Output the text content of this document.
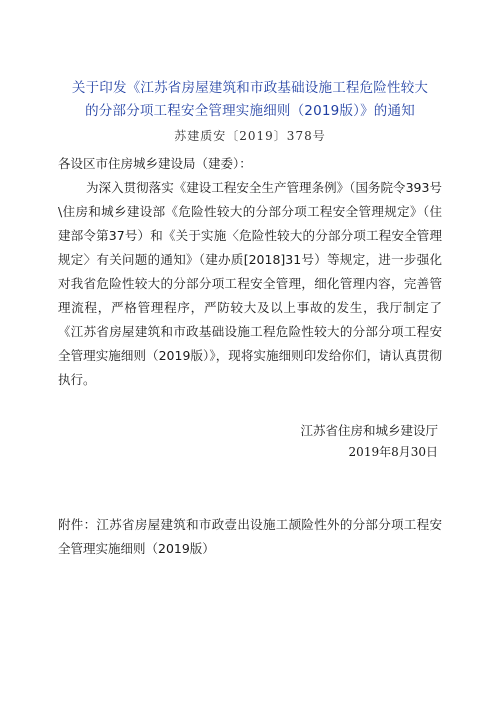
关于印发《江苏省房屋建筑和市政基础设施工程危险性较大
的分部分项工程安全管理实施细则（2019版）》的通知
苏建质安〔2019〕378号
各设区市住房城乡建设局（建委）：
为深入贯彻落实《建设工程安全生产管理条例》（国务院令393号\住房和城乡建设部《危险性较大的分部分项工程安全管理规定》（住建部令第37号）和《关于实施〈危险性较大的分部分项工程安全管理规定〉有关问题的通知》（建办质[2018]31号）等规定，进一步强化对我省危险性较大的分部分项工程安全管理，细化管理内容，完善管理流程，严格管理程序，严防较大及以上事故的发生，我厅制定了《江苏省房屋建筑和市政基础设施工程危险性较大的分部分项工程安全管理实施细则（2019版）》，现将实施细则印发给你们，请认真贯彻执行。
江苏省住房和城乡建设厅
2019年8月30日
附件：江苏省房屋建筑和市政壹出设施工颉险性外的分部分项工程安全管理实施细则（2019版）
